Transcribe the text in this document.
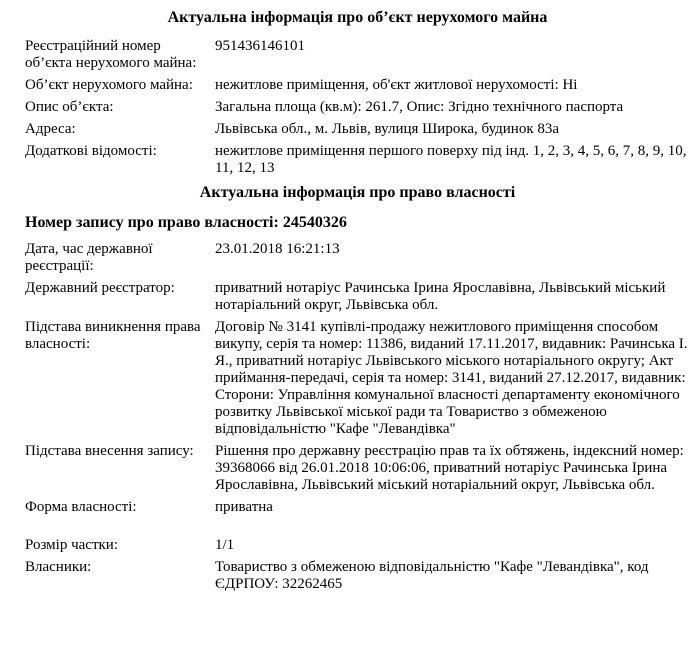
Актуальна інформація про об’єкт нерухомого майна
Реєстраційний номер об’єкта нерухомого майна:
951436146101
Об’єкт нерухомого майна:	нежитлове приміщення, об'єкт житлової нерухомості: Ні
Опис об’єкта:	Загальна площа (кв.м): 261.7, Опис: Згідно технічного паспорта
Адреса:	Львівська обл., м. Львів, вулиця Широка, будинок 83а
Додаткові відомості:	нежитлове приміщення першого поверху під інд. 1, 2, 3, 4, 5, 6, 7, 8, 9, 10, 11, 12, 13
Актуальна інформація про право власності
Номер запису про право власності: 24540326
Дата, час державної реєстрації:
23.01.2018 16:21:13
Державний реєстратор:	приватний нотаріус Рачинська Ірина Ярославівна, Львівський міський нотаріальний округ, Львівська обл.
Підстава виникнення права власності:
Договір № 3141 купівлі-продажу нежитлового приміщення способом викупу, серія та номер: 11386, виданий 17.11.2017, видавник: Рачинська І. Я., приватний нотаріус Львівського міського нотаріального округу; Акт приймання-передачі, серія та номер: 3141, виданий 27.12.2017, видавник: Сторони: Управління комунальної власності департаменту економічного розвитку Львівської міської ради та Товариство з обмеженою відповідальністю "Кафе "Левандівка"
Підстава внесення запису:	Рішення про державну реєстрацію прав та їх обтяжень, індексний номер: 39368066 від 26.01.2018 10:06:06, приватний нотаріус Рачинська Ірина Ярославівна, Львівський міський нотаріальний округ, Львівська обл.
Форма власності:	приватна
Розмір частки:	1/1
Власники:	Товариство з обмеженою відповідальністю "Кафе "Левандівка", код ЄДРПОУ: 32262465
